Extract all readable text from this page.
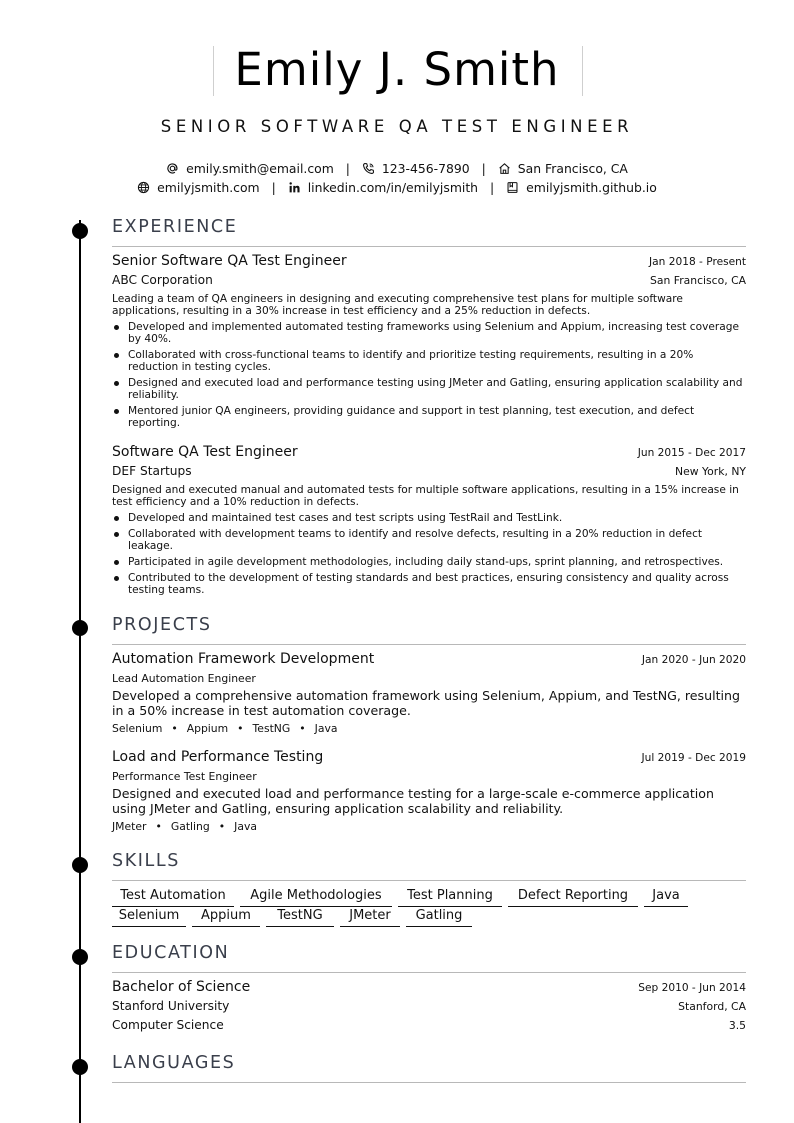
Emily J. Smith
SENIOR SOFTWARE QA TEST ENGINEER
emily.smith@email.com |	123-456-7890 |	San Francisco, CA
emilyjsmith.com |	linkedin.com/in/emilyjsmith |	emilyjsmith.github.io
EXPERIENCE
Senior Software QA Test Engineer	Jan 2018 - Present
ABC Corporation	San Francisco, CA
Leading a team of QA engineers in designing and executing comprehensive test plans for multiple software applications, resulting in a 30% increase in test efficiency and a 25% reduction in defects.
Developed and implemented automated testing frameworks using Selenium and Appium, increasing test coverage by 40%.
Collaborated with cross-functional teams to identify and prioritize testing requirements, resulting in a 20% reduction in testing cycles.
Designed and executed load and performance testing using JMeter and Gatling, ensuring application scalability and reliability.
Mentored junior QA engineers, providing guidance and support in test planning, test execution, and defect reporting.
Software QA Test Engineer	Jun 2015 - Dec 2017
DEF Startups	New York, NY
Designed and executed manual and automated tests for multiple software applications, resulting in a 15% increase in test efficiency and a 10% reduction in defects.
Developed and maintained test cases and test scripts using TestRail and TestLink.
Collaborated with development teams to identify and resolve defects, resulting in a 20% reduction in defect leakage.
Participated in agile development methodologies, including daily stand-ups, sprint planning, and retrospectives.
Contributed to the development of testing standards and best practices, ensuring consistency and quality across testing teams.
PROJECTS
Automation Framework Development	Jan 2020 - Jun 2020
Lead Automation Engineer
Developed a comprehensive automation framework using Selenium, Appium, and TestNG, resulting in a 50% increase in test automation coverage.
Selenium • Appium • TestNG • Java
Load and Performance Testing	Jul 2019 - Dec 2019
Performance Test Engineer
Designed and executed load and performance testing for a large-scale e-commerce application using JMeter and Gatling, ensuring application scalability and reliability.
JMeter • Gatling • Java
SKILLS
Test Automation	Agile Methodologies	Test Planning	Defect Reporting	Java
Selenium	Appium	TestNG	JMeter	Gatling
EDUCATION
Bachelor of Science	Sep 2010 - Jun 2014
Stanford University	Stanford, CA
Computer Science	3.5
LANGUAGES
